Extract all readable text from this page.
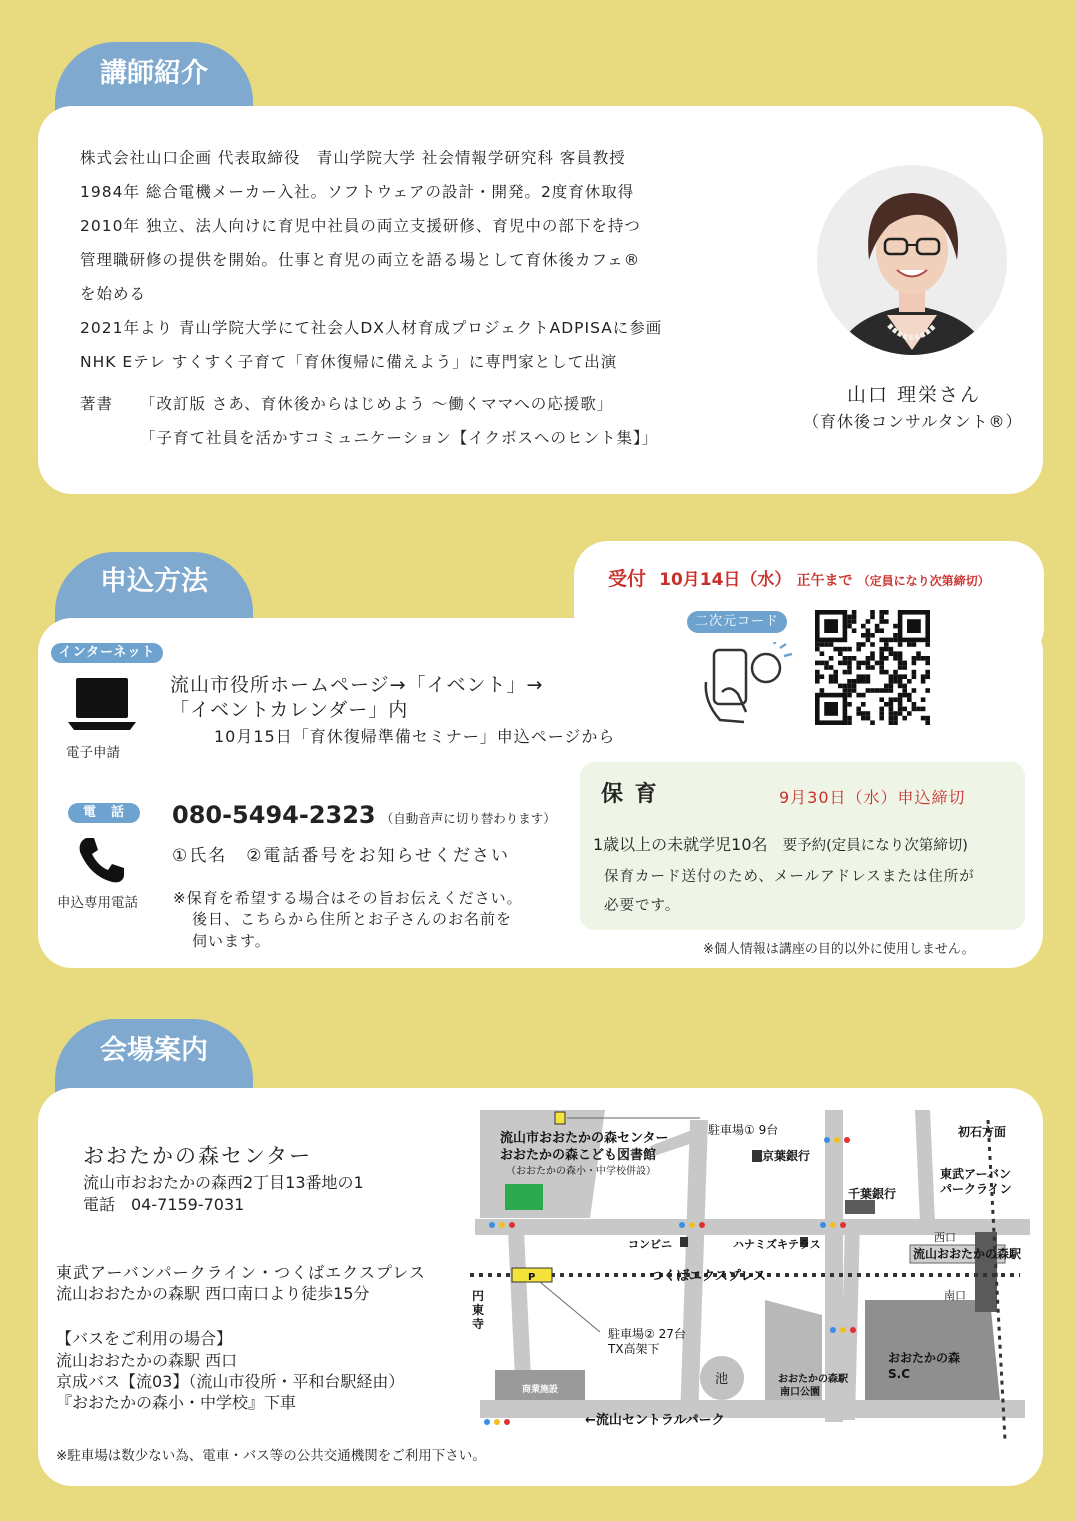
講師紹介
株式会社山口企画 代表取締役　青山学院大学 社会情報学研究科 客員教授
1984年 総合電機メーカー入社。ソフトウェアの設計・開発。2度育休取得
2010年 独立、法人向けに育児中社員の両立支援研修、育児中の部下を持つ
管理職研修の提供を開始。仕事と育児の両立を語る場として育休後カフェ®
を始める
2021年より 青山学院大学にて社会人DX人材育成プロジェクトADPISAに参画
NHK Eテレ すくすく子育て「育休復帰に備えよう」に専門家として出演
著書 「改訂版 さあ、育休後からはじめよう ～働くママへの応援歌」
「子育て社員を活かすコミュニケーション【イクボスへのヒント集】」
山口 理栄さん
（育休後コンサルタント®）
申込方法	受付 10月14日（水） 正午まで （定員になり次第締切）
二次元コード
インターネット
電子申請
流山市役所ホームページ→「イベント」→
「イベントカレンダー」内
10月15日「育休復帰準備セミナー」申込ページから
電　話
申込専用電話
080-5494-2323 （自動音声に切り替わります）
①氏名　②電話番号をお知らせください
※保育を希望する場合はその旨お伝えください。
後日、こちらから住所とお子さんのお名前を
伺います。
保 育	9月30日（水）申込締切
1歳以上の未就学児10名 要予約(定員になり次第締切)
保育カード送付のため、メールアドレスまたは住所が
必要です。
※個人情報は講座の目的以外に使用しません。
会場案内
おおたかの森センター
流山市おおたかの森西2丁目13番地の1
電話　04-7159-7031
東武アーバンパークライン・つくばエクスプレス
流山おおたかの森駅 西口南口より徒歩15分
【バスをご利用の場合】
流山おおたかの森駅 西口
京成バス【流03】（流山市役所・平和台駅経由）
『おおたかの森小・中学校』下車
※駐車場は数少ない為、電車・バス等の公共交通機関をご利用下さい。
流山市おおたかの森センター
おおたかの森こども図書館
（おおたかの森小・中学校併設）
駐車場① 9台
京葉銀行
千葉銀行
初石方面
東武アーバン
パークライン
コンビニ	ハナミズキテラス
西口
流山おおたかの森駅
南口
つくばエクスプレス
駐車場② 27台
TX高架下
池	おおたかの森駅
南口公園
おおたかの森
S.C
商業施設
←流山セントラルパーク
P
円
東
寺
